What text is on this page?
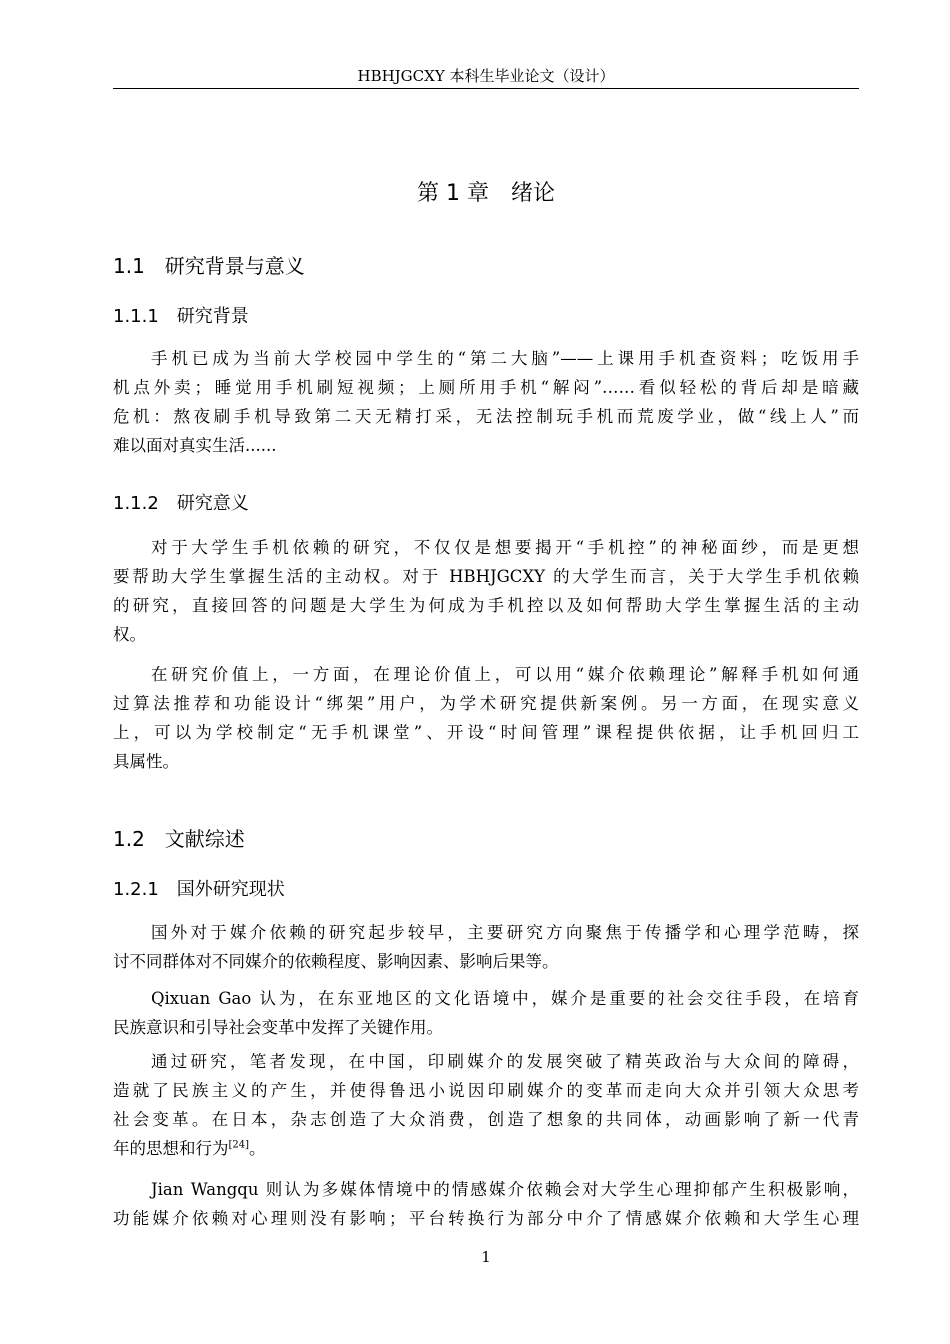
HBHJGCXY 本科生毕业论文（设计）
第 1 章　绪论
1.1　研究背景与意义
1.1.1　研究背景
手机已成为当前大学校园中学生的“第二大脑”——上课用手机查资料；吃饭用手
机点外卖；睡觉用手机刷短视频；上厕所用手机“解闷”……看似轻松的背后却是暗藏
危机：熬夜刷手机导致第二天无精打采，无法控制玩手机而荒废学业，做“线上人”而
难以面对真实生活......
1.1.2　研究意义
对于大学生手机依赖的研究，不仅仅是想要揭开“手机控”的神秘面纱，而是更想
要帮助大学生掌握生活的主动权。对于 HBHJGCXY 的大学生而言，关于大学生手机依赖
的研究，直接回答的问题是大学生为何成为手机控以及如何帮助大学生掌握生活的主动
权。
在研究价值上，一方面，在理论价值上，可以用“媒介依赖理论”解释手机如何通
过算法推荐和功能设计“绑架”用户，为学术研究提供新案例。另一方面，在现实意义
上，可以为学校制定“无手机课堂”、开设“时间管理”课程提供依据，让手机回归工
具属性。
1.2　文献综述
1.2.1　国外研究现状
国外对于媒介依赖的研究起步较早，主要研究方向聚焦于传播学和心理学范畴，探
讨不同群体对不同媒介的依赖程度、影响因素、影响后果等。
Qixuan Gao 认为，在东亚地区的文化语境中，媒介是重要的社会交往手段，在培育
民族意识和引导社会变革中发挥了关键作用。
通过研究，笔者发现，在中国，印刷媒介的发展突破了精英政治与大众间的障碍，
造就了民族主义的产生，并使得鲁迅小说因印刷媒介的变革而走向大众并引领大众思考
社会变革。在日本，杂志创造了大众消费，创造了想象的共同体，动画影响了新一代青
年的思想和行为[24]。
Jian Wangqu 则认为多媒体情境中的情感媒介依赖会对大学生心理抑郁产生积极影响，
功能媒介依赖对心理则没有影响；平台转换行为部分中介了情感媒介依赖和大学生心理
1
